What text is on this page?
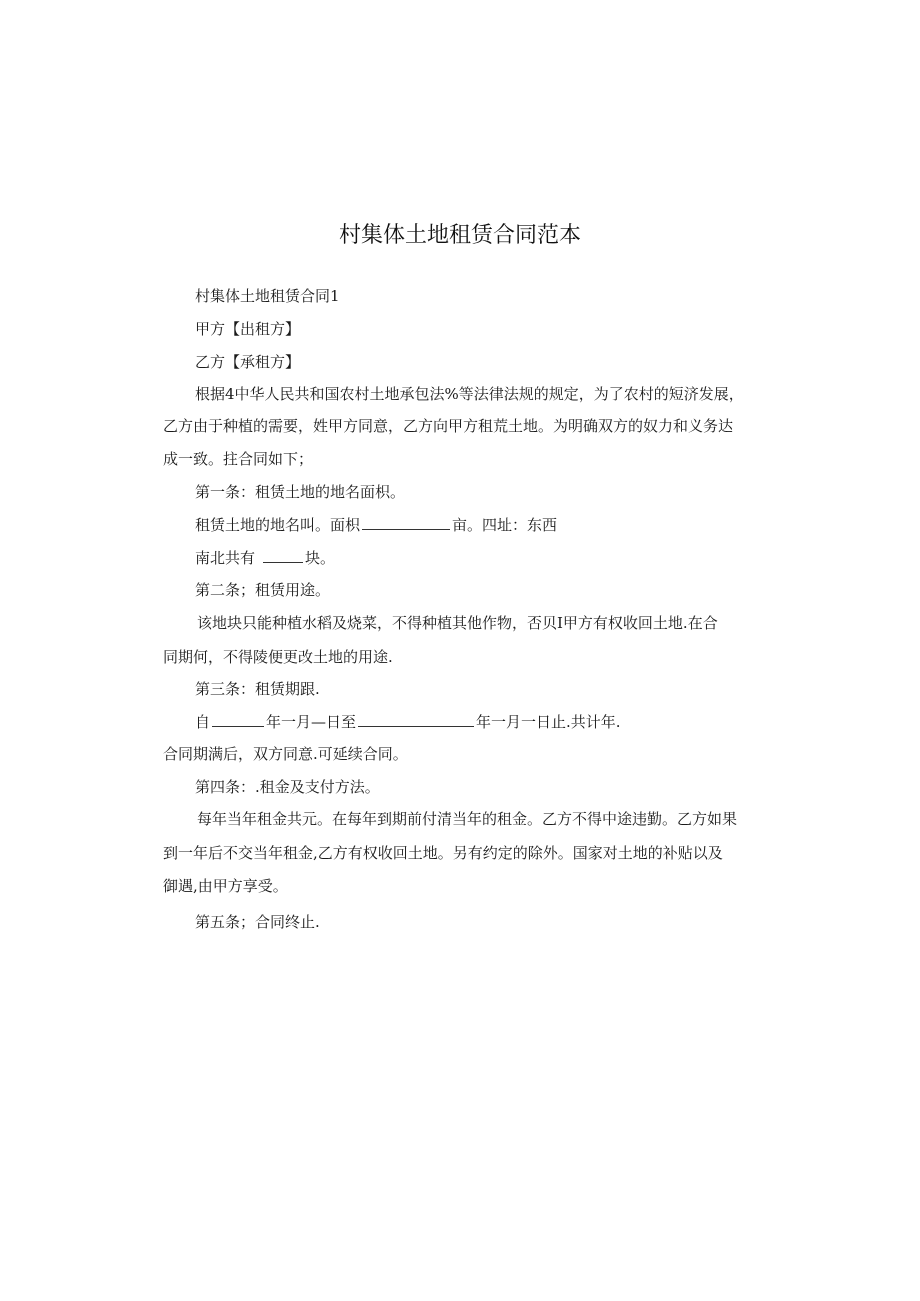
村集体土地租赁合同范本
村集体土地租赁合同1
甲方【出租方】
乙方【承租方】
根据4中华人民共和国农村土地承包法%等法律法规的规定，为了农村的短济发展，
乙方由于种植的需要，姓甲方同意，乙方向甲方租荒土地。为明确双方的奴力和义务达
成一致。拄合同如下；
第一条：租赁土地的地名面枳。
租赁土地的地名叫。面枳	亩。四址：东西
南北共有	块。
第二条；租赁用途。
该地块只能种植水稻及烧菜，不得种植其他作物，否贝I甲方有权收回土地.在合
同期何，不得陵便更改土地的用途.
第三条：租赁期跟.
自	年一月—日至	年一月一日止.共计年.
合同期满后，双方同意.可延续合同。
第四条：.租金及支付方法。
每年当年租金共元。在每年到期前付清当年的租金。乙方不得中途违勤。乙方如果
到一年后不交当年租金,乙方有权收回土地。另有约定的除外。国家对土地的补贴以及
御遇,由甲方享受。
第五条；合同终止.
